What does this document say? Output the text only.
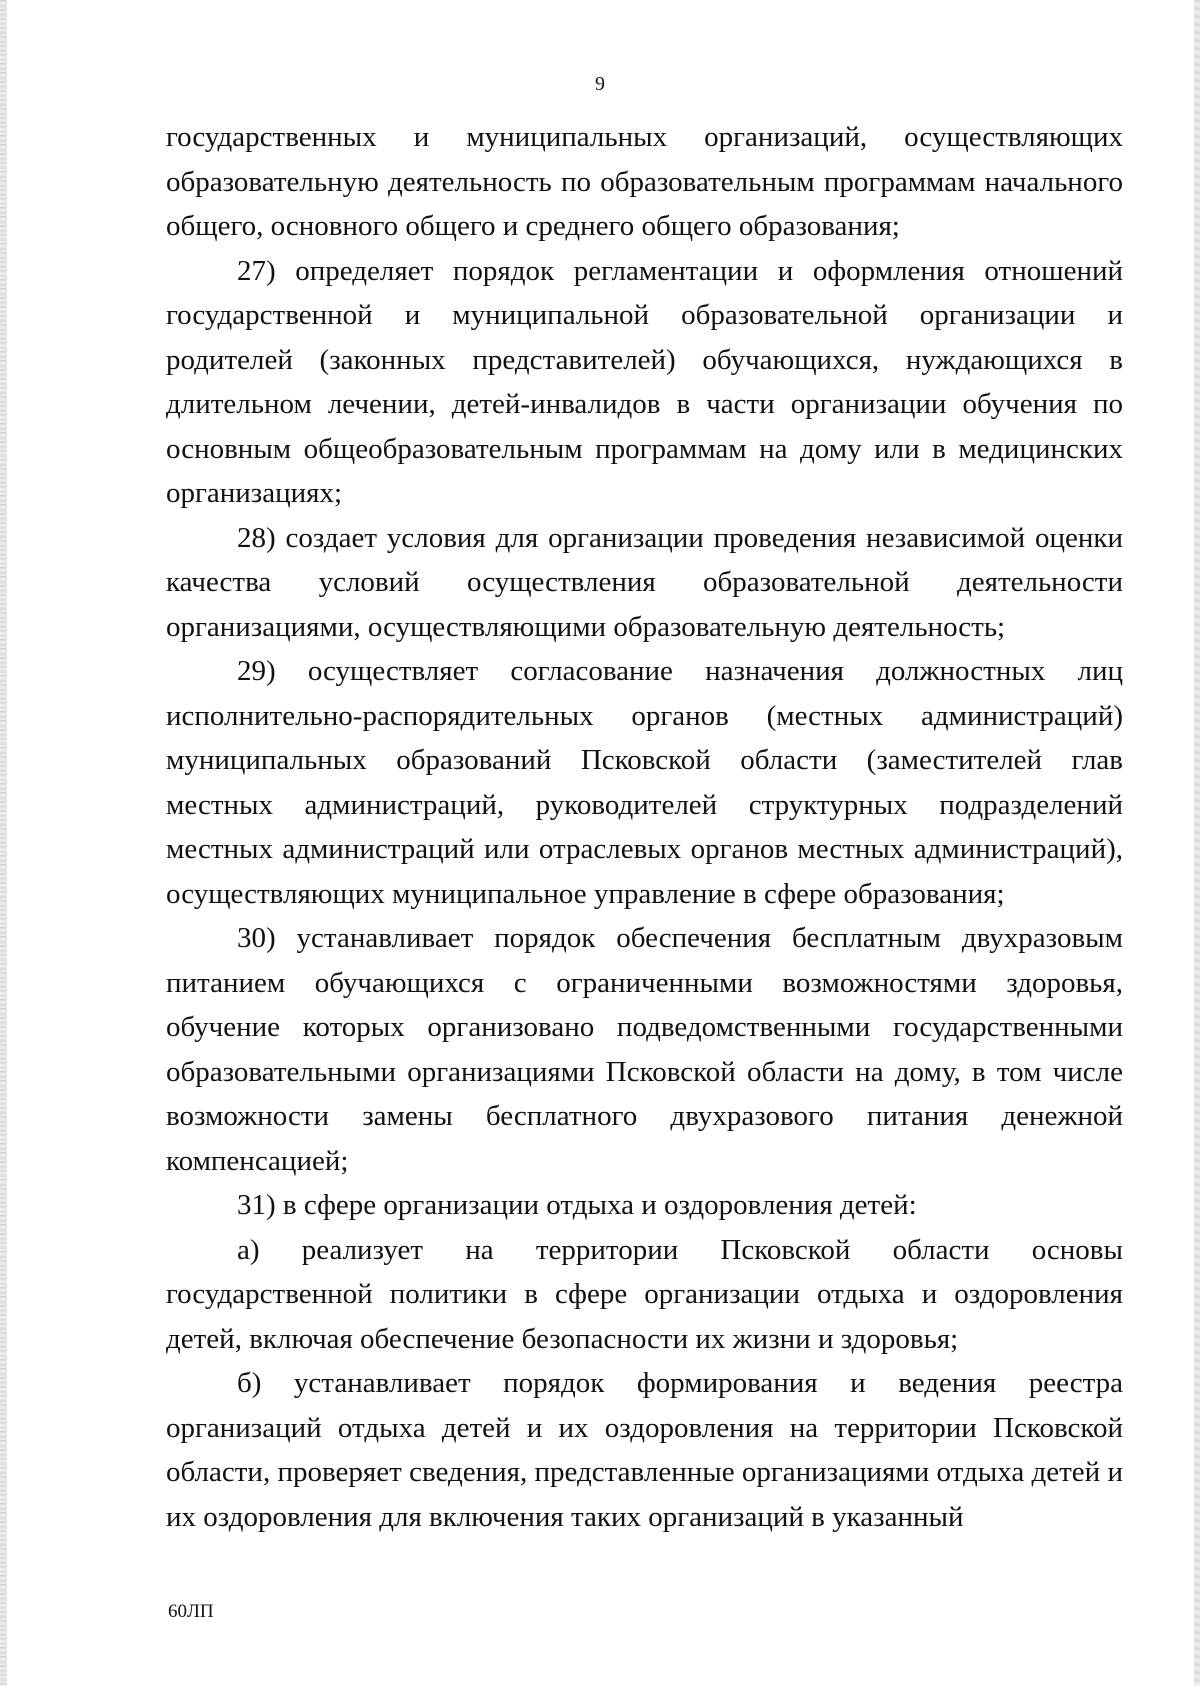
9

государственных и муниципальных организаций, осуществляющих образовательную деятельность по образовательным программам начального общего, основного общего и среднего общего образования;

27) определяет порядок регламентации и оформления отношений государственной и муниципальной образовательной организации и родителей (законных представителей) обучающихся, нуждающихся в длительном лечении, детей-инвалидов в части организации обучения по основным общеобразовательным программам на дому или в медицинских организациях;

28) создает условия для организации проведения независимой оценки качества условий осуществления образовательной деятельности организациями, осуществляющими образовательную деятельность;

29) осуществляет согласование назначения должностных лиц исполнительно-распорядительных органов (местных администраций) муниципальных образований Псковской области (заместителей глав местных администраций, руководителей структурных подразделений местных администраций или отраслевых органов местных администраций), осуществляющих муниципальное управление в сфере образования;

30) устанавливает порядок обеспечения бесплатным двухразовым питанием обучающихся с ограниченными возможностями здоровья, обучение которых организовано подведомственными государственными образовательными организациями Псковской области на дому, в том числе возможности замены бесплатного двухразового питания денежной компенсацией;

31) в сфере организации отдыха и оздоровления детей:

а) реализует на территории Псковской области основы государственной политики в сфере организации отдыха и оздоровления детей, включая обеспечение безопасности их жизни и здоровья;

б) устанавливает порядок формирования и ведения реестра организаций отдыха детей и их оздоровления на территории Псковской области, проверяет сведения, представленные организациями отдыха детей и их оздоровления для включения таких организаций в указанный

60ЛП
